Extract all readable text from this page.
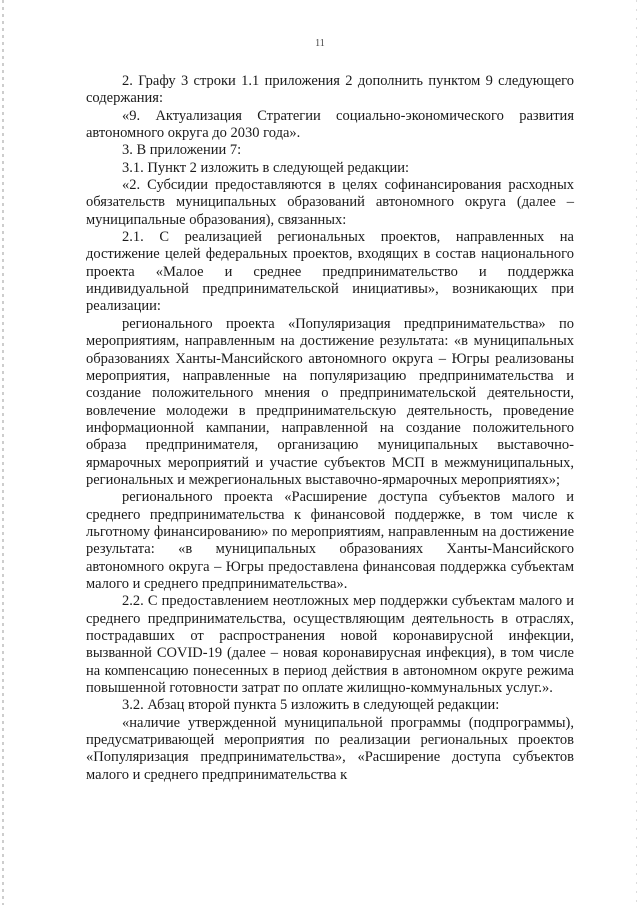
11

2. Графу 3 строки 1.1 приложения 2 дополнить пунктом 9 следующего содержания:

«9. Актуализация Стратегии социально-экономического развития автономного округа до 2030 года».

3. В приложении 7:

3.1. Пункт 2 изложить в следующей редакции:

«2. Субсидии предоставляются в целях софинансирования расходных обязательств муниципальных образований автономного округа (далее – муниципальные образования), связанных:

2.1. С реализацией региональных проектов, направленных на достижение целей федеральных проектов, входящих в состав национального проекта «Малое и среднее предпринимательство и поддержка индивидуальной предпринимательской инициативы», возникающих при реализации:

регионального проекта «Популяризация предпринимательства» по мероприятиям, направленным на достижение результата: «в муниципальных образованиях Ханты-Мансийского автономного округа – Югры реализованы мероприятия, направленные на популяризацию предпринимательства и создание положительного мнения о предпринимательской деятельности, вовлечение молодежи в предпринимательскую деятельность, проведение информационной кампании, направленной на создание положительного образа предпринимателя, организацию муниципальных выставочно-ярмарочных мероприятий и участие субъектов МСП в межмуниципальных, региональных и межрегиональных выставочно-ярмарочных мероприятиях»;

регионального проекта «Расширение доступа субъектов малого и среднего предпринимательства к финансовой поддержке, в том числе к льготному финансированию» по мероприятиям, направленным на достижение результата: «в муниципальных образованиях Ханты-Мансийского автономного округа – Югры предоставлена финансовая поддержка субъектам малого и среднего предпринимательства».

2.2. С предоставлением неотложных мер поддержки субъектам малого и среднего предпринимательства, осуществляющим деятельность в отраслях, пострадавших от распространения новой коронавирусной инфекции, вызванной COVID-19 (далее – новая коронавирусная инфекция), в том числе на компенсацию понесенных в период действия в автономном округе режима повышенной готовности затрат по оплате жилищно-коммунальных услуг.».

3.2. Абзац второй пункта 5 изложить в следующей редакции:

«наличие утвержденной муниципальной программы (подпрограммы), предусматривающей мероприятия по реализации региональных проектов «Популяризация предпринимательства», «Расширение доступа субъектов малого и среднего предпринимательства к
